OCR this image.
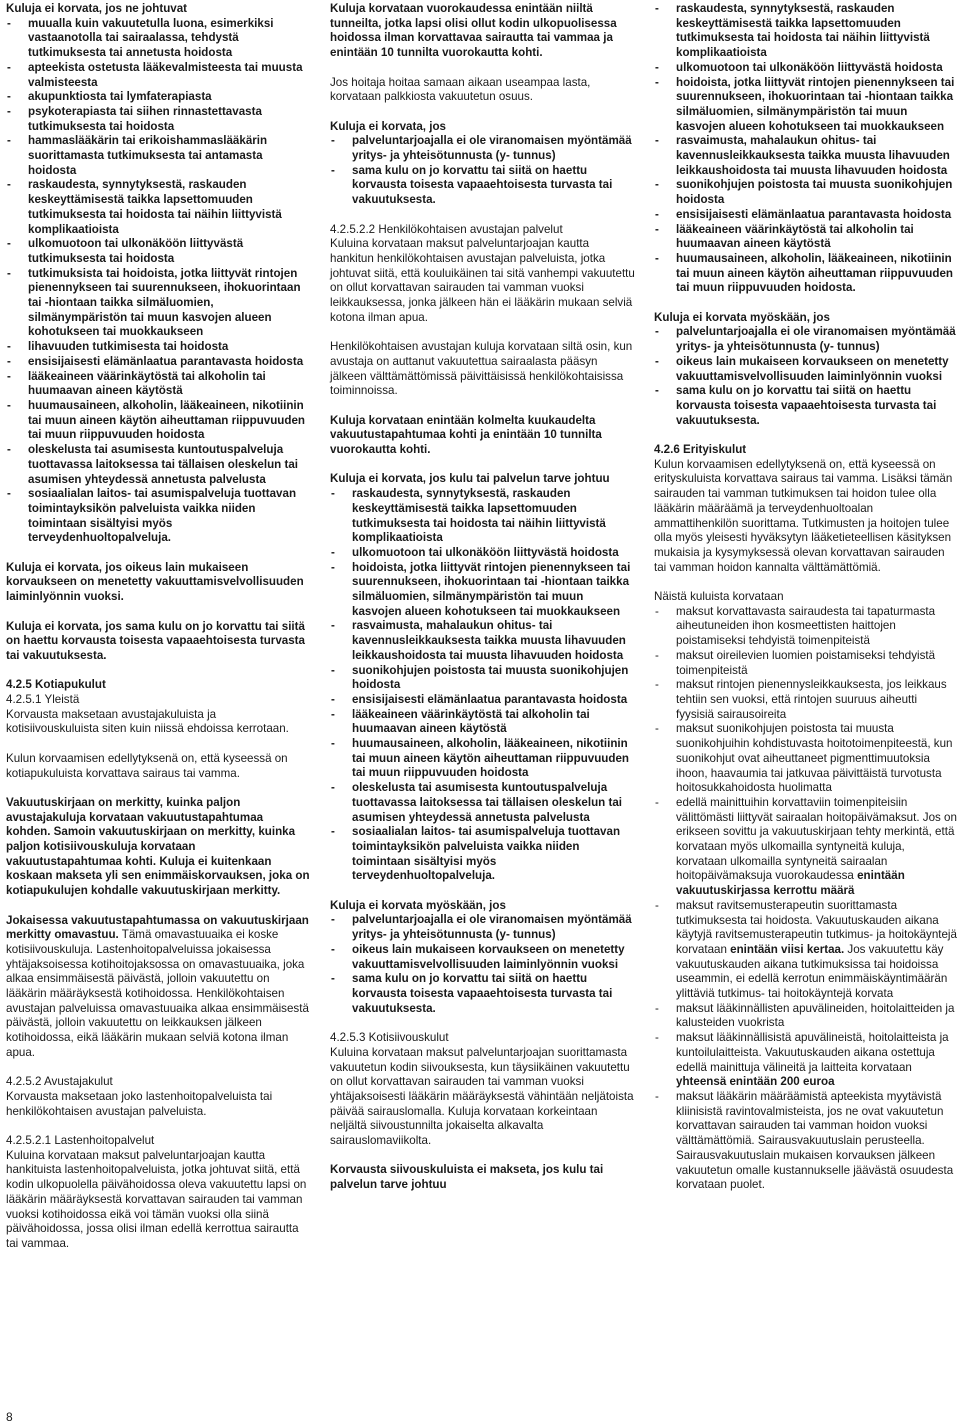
Kuluja ei korvata, jos ne johtuvat

- muualla kuin vakuutetulla luona, esimerkiksi vastaanotolla tai sairaalassa, tehdystä tutkimuksesta tai annetusta hoidosta
- apteekista ostetusta lääkevalmisteesta tai muusta valmisteesta
- akupunktiosta tai lymfaterapiasta
- psykoterapiasta tai siihen rinnastettavasta tutkimuksesta tai hoidosta
- hammaslääkärin tai erikoishammaslääkärin suorittamasta tutkimuksesta tai antamasta hoidosta
- raskaudesta, synnytyksestä, raskauden keskeyttämisestä taikka lapsettomuuden tutkimuksesta tai hoidosta tai näihin liittyvistä komplikaatioista
- ulkomuotoon tai ulkonäköön liittyvästä tutkimuksesta tai hoidosta
- tutkimuksista tai hoidoista, jotka liittyvät rintojen pienennykseen tai suurennukseen, ihokuorintaan tai -hiontaan taikka silmäluomien, silmänympäristön tai muun kasvojen alueen kohotukseen tai muokkaukseen
- lihavuuden tutkimisesta tai hoidosta
- ensisijaisesti elämänlaatua parantavasta hoidosta
- lääkeaineen väärinkäytöstä tai alkoholin tai huumaavan aineen käytöstä
- huumausaineen, alkoholin, lääkeaineen, nikotiinin tai muun aineen käytön aiheuttaman riippuvuuden tai muun riippuvuuden hoidosta
- oleskelusta tai asumisesta kuntoutuspalveluja tuottavassa laitoksessa tai tällaisen oleskelun tai asumisen yhteydessä annetusta palvelusta
- sosiaalialan laitos- tai asumispalveluja tuottavan toimintayksikön palveluista vaikka niiden toimintaan sisältyisi myös terveydenhuoltopalveluja.

Kuluja ei korvata, jos oikeus lain mukaiseen korvaukseen on menetetty vakuuttamisvelvollisuuden laiminlyönnin vuoksi.

Kuluja ei korvata, jos sama kulu on jo korvattu tai siitä on haettu korvausta toisesta vapaaehtoisesta turvasta tai vakuutuksesta.

4.2.5 Kotiapukulut

4.2.5.1 Yleistä

Korvausta maksetaan avustajakuluista ja kotisiivouskuluista siten kuin niissä ehdoissa kerrotaan.

Kulun korvaamisen edellytyksenä on, että kyseessä on kotiapukuluista korvattava sairaus tai vamma.

Vakuutuskirjaan on merkitty, kuinka paljon avustajakuluja korvataan vakuutustapahtumaa kohden. Samoin vakuutuskirjaan on merkitty, kuinka paljon kotisiivouskuluja korvataan vakuutustapahtumaa kohti. Kuluja ei kuitenkaan koskaan makseta yli sen enimmäiskorvauksen, joka on kotiapukulujen kohdalle vakuutuskirjaan merkitty.

Jokaisessa vakuutustapahtumassa on vakuutuskirjaan merkitty omavastuu. Tämä omavastuuaika ei koske kotisiivouskuluja. Lastenhoitopalveluissa jokaisessa yhtäjaksoisessa kotihoitojaksossa on omavastuuaika, joka alkaa ensimmäisestä päivästä, jolloin vakuutettu on lääkärin määräyksestä kotihoidossa. Henkilökohtaisen avustajan palveluissa omavastuuaika alkaa ensimmäisestä päivästä, jolloin vakuutettu on leikkauksen jälkeen kotihoidossa, eikä lääkärin mukaan selviä kotona ilman apua.

4.2.5.2 Avustajakulut

Korvausta maksetaan joko lastenhoitopalveluista tai henkilökohtaisen avustajan palveluista.

4.2.5.2.1 Lastenhoitopalvelut

Kuluina korvataan maksut palveluntarjoajan kautta hankituista lastenhoitopalveluista, jotka johtuvat siitä, että kodin ulkopuolella päivähoidossa oleva vakuutettu lapsi on lääkärin määräyksestä korvattavan sairauden tai vamman vuoksi kotihoidossa eikä voi tämän vuoksi olla siinä päivähoidossa, jossa olisi ilman edellä kerrottua sairautta tai vammaa.

Kuluja korvataan vuorokaudessa enintään niiltä tunneilta, jotka lapsi olisi ollut kodin ulkopuolisessa hoidossa ilman korvattavaa sairautta tai vammaa ja enintään 10 tunnilta vuorokautta kohti.

Jos hoitaja hoitaa samaan aikaan useampaa lasta, korvataan palkkiosta vakuutetun osuus.

Kuluja ei korvata, jos

- palveluntarjoajalla ei ole viranomaisen myöntämää yritys- ja yhteisötunnusta (y- tunnus)
- sama kulu on jo korvattu tai siitä on haettu korvausta toisesta vapaaehtoisesta turvasta tai vakuutuksesta.

4.2.5.2.2 Henkilökohtaisen avustajan palvelut

Kuluina korvataan maksut palveluntarjoajan kautta hankitun henkilökohtaisen avustajan palveluista, jotka johtuvat siitä, että kouluikäinen tai sitä vanhempi vakuutettu on ollut korvattavan sairauden tai vamman vuoksi leikkauksessa, jonka jälkeen hän ei lääkärin mukaan selviä kotona ilman apua.

Henkilökohtaisen avustajan kuluja korvataan siltä osin, kun avustaja on auttanut vakuutettua sairaalasta pääsyn jälkeen välttämättömissä päivittäisissä henkilökohtaisissa toiminnoissa.

Kuluja korvataan enintään kolmelta kuukaudelta vakuutustapahtumaa kohti ja enintään 10 tunnilta vuorokautta kohti.

Kuluja ei korvata, jos kulu tai palvelun tarve johtuu

- raskaudesta, synnytyksestä, raskauden keskeyttämisestä taikka lapsettomuuden tutkimuksesta tai hoidosta tai näihin liittyvistä komplikaatioista
- ulkomuotoon tai ulkonäköön liittyvästä hoidosta
- hoidoista, jotka liittyvät rintojen pienennykseen tai suurennukseen, ihokuorintaan tai -hiontaan taikka silmäluomien, silmänympäristön tai muun kasvojen alueen kohotukseen tai muokkaukseen
- rasvaimusta, mahalaukun ohitus- tai kavennusleikkauksesta taikka muusta lihavuuden leikkaushoidosta tai muusta lihavuuden hoidosta
- suonikohjujen poistosta tai muusta suonikohjujen hoidosta
- ensisijaisesti elämänlaatua parantavasta hoidosta
- lääkeaineen väärinkäytöstä tai alkoholin tai huumaavan aineen käytöstä
- huumausaineen, alkoholin, lääkeaineen, nikotiinin tai muun aineen käytön aiheuttaman riippuvuuden tai muun riippuvuuden hoidosta
- oleskelusta tai asumisesta kuntoutuspalveluja tuottavassa laitoksessa tai tällaisen oleskelun tai asumisen yhteydessä annetusta palvelusta
- sosiaalialan laitos- tai asumispalveluja tuottavan toimintayksikön palveluista vaikka niiden toimintaan sisältyisi myös terveydenhuoltopalveluja.

Kuluja ei korvata myöskään, jos

- palveluntarjoajalla ei ole viranomaisen myöntämää yritys- ja yhteisötunnusta (y- tunnus)
- oikeus lain mukaiseen korvaukseen on menetetty vakuuttamisvelvollisuuden laiminlyönnin vuoksi
- sama kulu on jo korvattu tai siitä on haettu korvausta toisesta vapaaehtoisesta turvasta tai vakuutuksesta.

4.2.5.3 Kotisiivouskulut

Kuluina korvataan maksut palveluntarjoajan suorittamasta vakuutetun kodin siivouksesta, kun täysiikäinen vakuutettu on ollut korvattavan sairauden tai vamman vuoksi yhtäjaksoisesti lääkärin määräyksestä vähintään neljätoista päivää sairauslomalla. Kuluja korvataan korkeintaan neljältä siivoustunnilta jokaiselta alkavalta sairauslomaviikolta.

Korvausta siivouskuluista ei makseta, jos kulu tai palvelun tarve johtuu

- raskaudesta, synnytyksestä, raskauden keskeyttämisestä taikka lapsettomuuden tutkimuksesta tai hoidosta tai näihin liittyvistä komplikaatioista
- ulkomuotoon tai ulkonäköön liittyvästä hoidosta
- hoidoista, jotka liittyvät rintojen pienennykseen tai suurennukseen, ihokuorintaan tai -hiontaan taikka silmäluomien, silmänympäristön tai muun kasvojen alueen kohotukseen tai muokkaukseen
- rasvaimusta, mahalaukun ohitus- tai kavennusleikkauksesta taikka muusta lihavuuden leikkaushoidosta tai muusta lihavuuden hoidosta
- suonikohjujen poistosta tai muusta suonikohjujen hoidosta
- ensisijaisesti elämänlaatua parantavasta hoidosta
- lääkeaineen väärinkäytöstä tai alkoholin tai huumaavan aineen käytöstä
- huumausaineen, alkoholin, lääkeaineen, nikotiinin tai muun aineen käytön aiheuttaman riippuvuuden tai muun riippuvuuden hoidosta.

Kuluja ei korvata myöskään, jos

- palveluntarjoajalla ei ole viranomaisen myöntämää yritys- ja yhteisötunnusta (y- tunnus)
- oikeus lain mukaiseen korvaukseen on menetetty vakuuttamisvelvollisuuden laiminlyönnin vuoksi
- sama kulu on jo korvattu tai siitä on haettu korvausta toisesta vapaaehtoisesta turvasta tai vakuutuksesta.

4.2.6 Erityiskulut

Kulun korvaamisen edellytyksenä on, että kyseessä on erityskuluista korvattava sairaus tai vamma. Lisäksi tämän sairauden tai vamman tutkimuksen tai hoidon tulee olla lääkärin määräämä ja terveydenhuoltoalan ammattihenkilön suorittama. Tutkimusten ja hoitojen tulee olla myös yleisesti hyväksytyn lääketieteellisen käsityksen mukaisia ja kysymyksessä olevan korvattavan sairauden tai vamman hoidon kannalta välttämättömiä.

Näistä kuluista korvataan

- maksut korvattavasta sairaudesta tai tapaturmasta aiheutuneiden ihon kosmeettisten haittojen poistamiseksi tehdyistä toimenpiteistä
- maksut oireilevien luomien poistamiseksi tehdyistä toimenpiteistä
- maksut rintojen pienennysleikkauksesta, jos leikkaus tehtiin sen vuoksi, että rintojen suuruus aiheutti fyysisiä sairausoireita
- maksut suonikohjujen poistosta tai muusta suonikohjuihin kohdistuvasta hoitotoimenpiteestä, kun suonikohjut ovat aiheuttaneet pigmenttimuutoksia ihoon, haavaumia tai jatkuvaa päivittäistä turvotusta hoitosukkahoidosta huolimatta
- edellä mainittuihin korvattaviin toimenpiteisiin välittömästi liittyvät sairaalan hoitopäivämaksut. Jos on erikseen sovittu ja vakuutuskirjaan tehty merkintä, että korvataan myös ulkomailla syntyneitä kuluja, korvataan ulkomailla syntyneitä sairaalan hoitopäivämaksuja vuorokaudessa enintään vakuutuskirjassa kerrottu määrä
- maksut ravitsemusterapeutin suorittamasta tutkimuksesta tai hoidosta. Vakuutuskauden aikana käytyjä ravitsemusterapeutin tutkimus- ja hoitokäyntejä korvataan enintään viisi kertaa. Jos vakuutettu käy vakuutuskauden aikana tutkimuksissa tai hoidoissa useammin, ei edellä kerrotun enimmäiskäyntimäärän ylittäviä tutkimus- tai hoitokäyntejä korvata
- maksut lääkinnällisten apuvälineiden, hoitolaitteiden ja kalusteiden vuokrista
- maksut lääkinnällisistä apuvälineistä, hoitolaitteista ja kuntoilulaitteista. Vakuutuskauden aikana ostettuja edellä mainittuja välineitä ja laitteita korvataan yhteensä enintään 200 euroa
- maksut lääkärin määräämistä apteekista myytävistä kliinisistä ravintovalmisteista, jos ne ovat vakuutetun korvattavan sairauden tai vamman hoidon vuoksi välttämättömiä. Sairausvakuutuslain perusteella. Sairausvakuutuslain mukaisen korvauksen jälkeen vakuutetun omalle kustannukselle jäävästä osuudesta korvataan puolet.
8
